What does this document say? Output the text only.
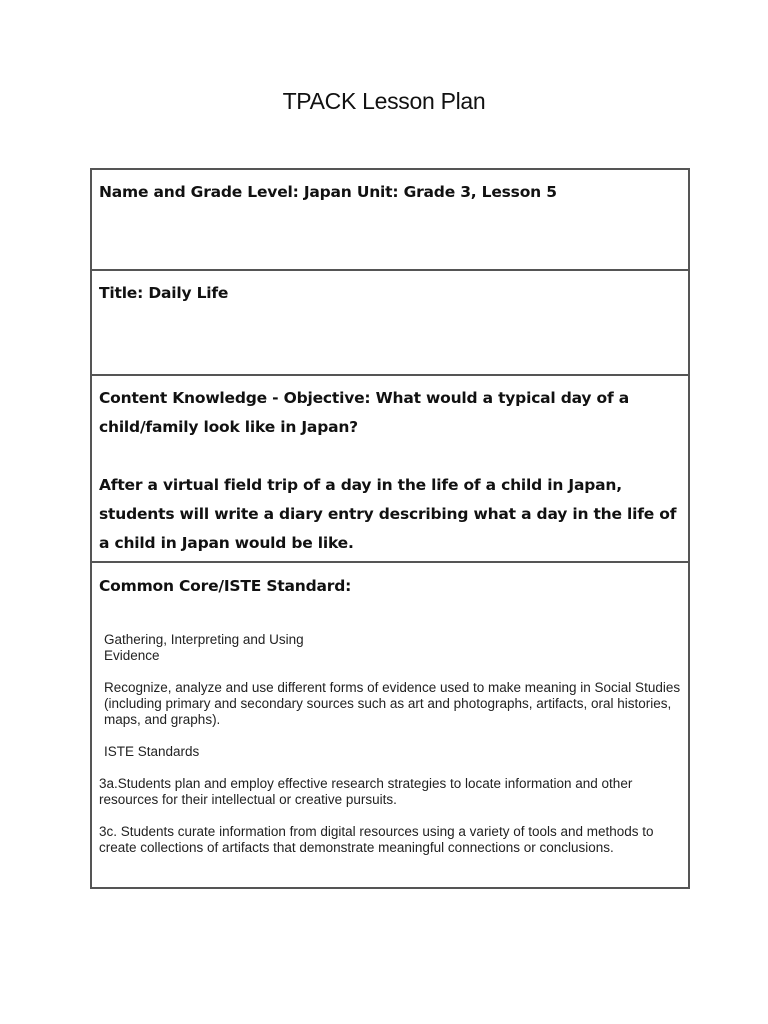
TPACK Lesson Plan

Name and Grade Level: Japan Unit: Grade 3, Lesson 5

Title: Daily Life

Content Knowledge - Objective: What would a typical day of a child/family look like in Japan?

After a virtual field trip of a day in the life of a child in Japan, students will write a diary entry describing what a day in the life of a child in Japan would be like.

Common Core/ISTE Standard:

Gathering, Interpreting and Using Evidence

Recognize, analyze and use different forms of evidence used to make meaning in Social Studies (including primary and secondary sources such as art and photographs, artifacts, oral histories, maps, and graphs).

ISTE Standards

3a.Students plan and employ effective research strategies to locate information and other resources for their intellectual or creative pursuits.

3c. Students curate information from digital resources using a variety of tools and methods to create collections of artifacts that demonstrate meaningful connections or conclusions.
